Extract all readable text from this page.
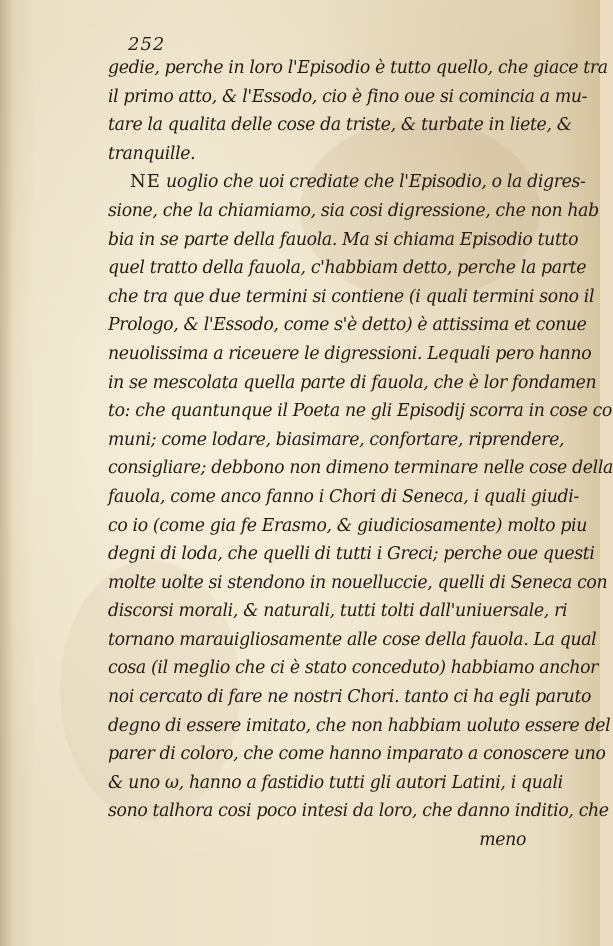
252
gedie, perche in loro l'Episodio è tutto quello, che giace tra
il primo atto, & l'Essodo, cio è fino oue si comincia a mu-
tare la qualita delle cose da triste, & turbate in liete, &
tranquille.
NE uoglio che uoi crediate che l'Episodio, o la digres-
sione, che la chiamiamo, sia cosi digressione, che non hab
bia in se parte della fauola. Ma si chiama Episodio tutto
quel tratto della fauola, c'habbiam detto, perche la parte
che tra que due termini si contiene (i quali termini sono il
Prologo, & l'Essodo, come s'è detto) è attissima et conue
neuolissima a riceuere le digressioni. Lequali pero hanno
in se mescolata quella parte di fauola, che è lor fondamen
to: che quantunque il Poeta ne gli Episodij scorra in cose co
muni; come lodare, biasimare, confortare, riprendere,
consigliare; debbono non dimeno terminare nelle cose della
fauola, come anco fanno i Chori di Seneca, i quali giudi-
co io (come gia fe Erasmo, & giudiciosamente) molto piu
degni di loda, che quelli di tutti i Greci; perche oue questi
molte uolte si stendono in nouelluccie, quelli di Seneca con
discorsi morali, & naturali, tutti tolti dall'uniuersale, ri
tornano marauigliosamente alle cose della fauola. La qual
cosa (il meglio che ci è stato conceduto) habbiamo anchor
noi cercato di fare ne nostri Chori. tanto ci ha egli paruto
degno di essere imitato, che non habbiam uoluto essere del
parer di coloro, che come hanno imparato a conoscere uno
& uno ω, hanno a fastidio tutti gli autori Latini, i quali
sono talhora cosi poco intesi da loro, che danno inditio, che
meno
